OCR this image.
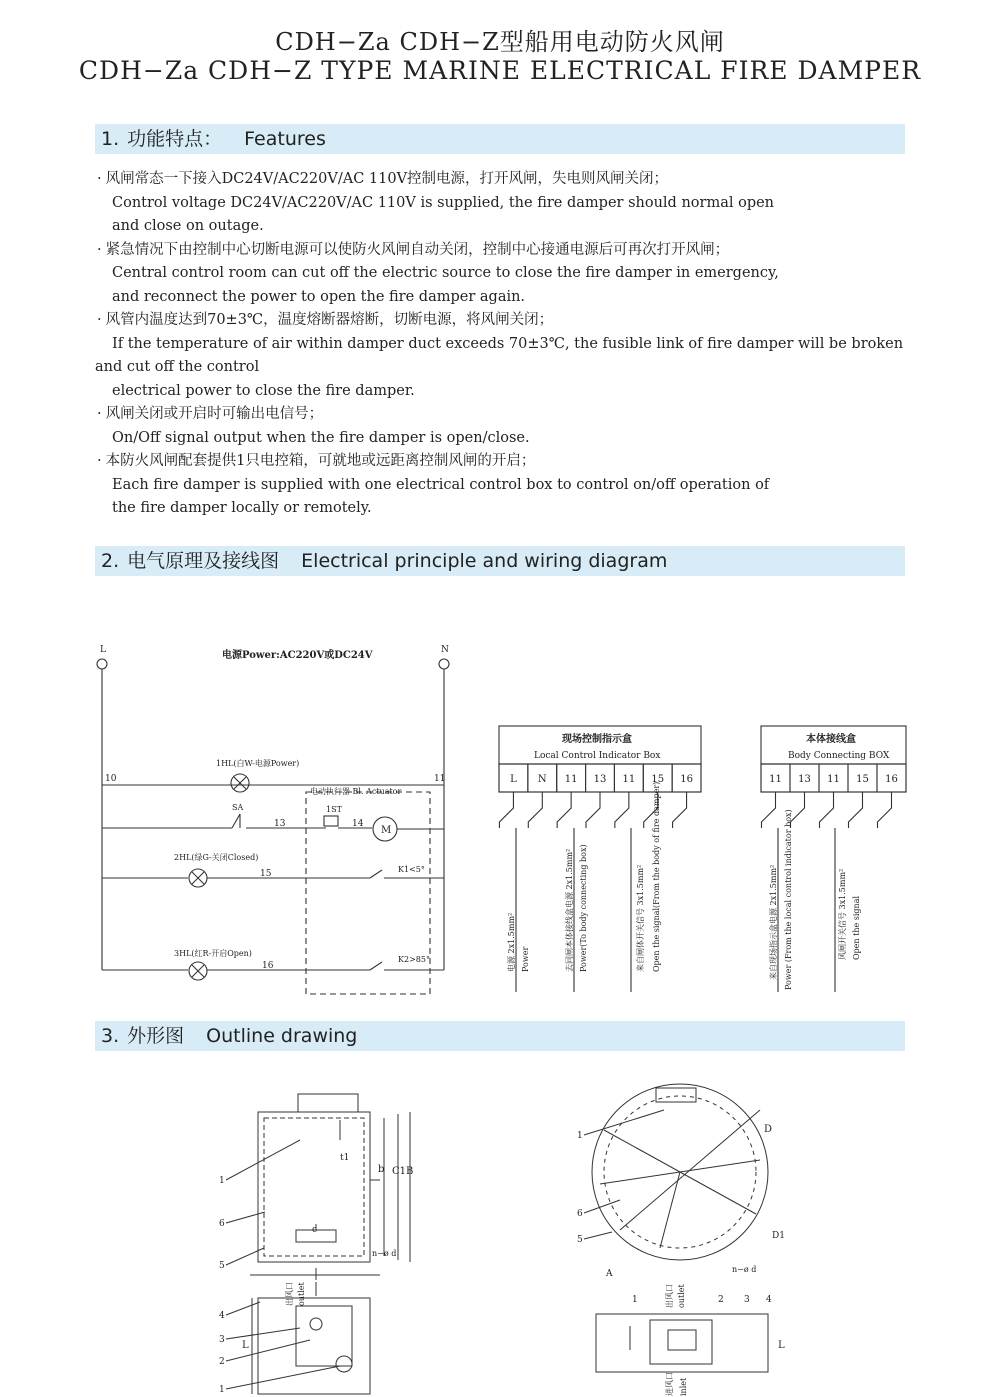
CDH−Za CDH−Z型船用电动防火风闸
CDH−Za CDH−Z TYPE MARINE ELECTRICAL FIRE DAMPER
1. 功能特点： Features
· 风闸常态一下接入DC24V/AC220V/AC 110V控制电源，打开风闸，失电则风闸关闭；
Control voltage DC24V/AC220V/AC 110V is supplied, the fire damper should normal open
and close on outage.
· 紧急情况下由控制中心切断电源可以使防火风闸自动关闭，控制中心接通电源后可再次打开风闸；
Central control room can cut off the electric source to close the fire damper in emergency,
and reconnect the power to open the fire damper again.
· 风管内温度达到70±3℃，温度熔断器熔断，切断电源，将风闸关闭；
If the temperature of air within damper duct exceeds 70±3℃, the fusible link of fire damper will be broken and cut off the control
electrical power to close the fire damper.
· 风闸关闭或开启时可输出电信号；
On/Off signal output when the fire damper is open/close.
· 本防火风闸配套提供1只电控箱，可就地或远距离控制风闸的开启；
Each fire damper is supplied with one electrical control box to control on/off operation of
the fire damper locally or remotely.
2. 电气原理及接线图 Electrical principle and wiring diagram
L	N
电源Power:AC220V或DC24V
10	11
1HL(白W-电源Power)
电动执行器 Bl. Actuator
SA
13
1ST
14
M
2HL(绿G-关闭Closed)
15	K1<5°
3HL(红R-开启Open)
16
K2>85°
现场控制指示盒
Local Control Indicator Box
L N 11 13 11 15 16
电源 2x1.5mm² Power	去同闸本体接线盒电源 2x1.5mm² Power(To body connecting box)	来自闸体开关信号 3x1.5mm² Open the signal(From the body of fire damper)
本体接线盒
Body Connecting BOX
11 13 11 15 16
来自现场指示盒电源 2x1.5mm² Power (From the local control indicator box)	风闸开关信号 3x1.5mm² Open the signal
3. 外形图 Outline drawing
b C1 B
t1
c
n−ø d
1
6
5
出风口 outlet
4
3
2
1
L
D
D1
A	n−ø d
1
6
5
出风口 outlet
1	2 3 4
L
进风口 inlet
